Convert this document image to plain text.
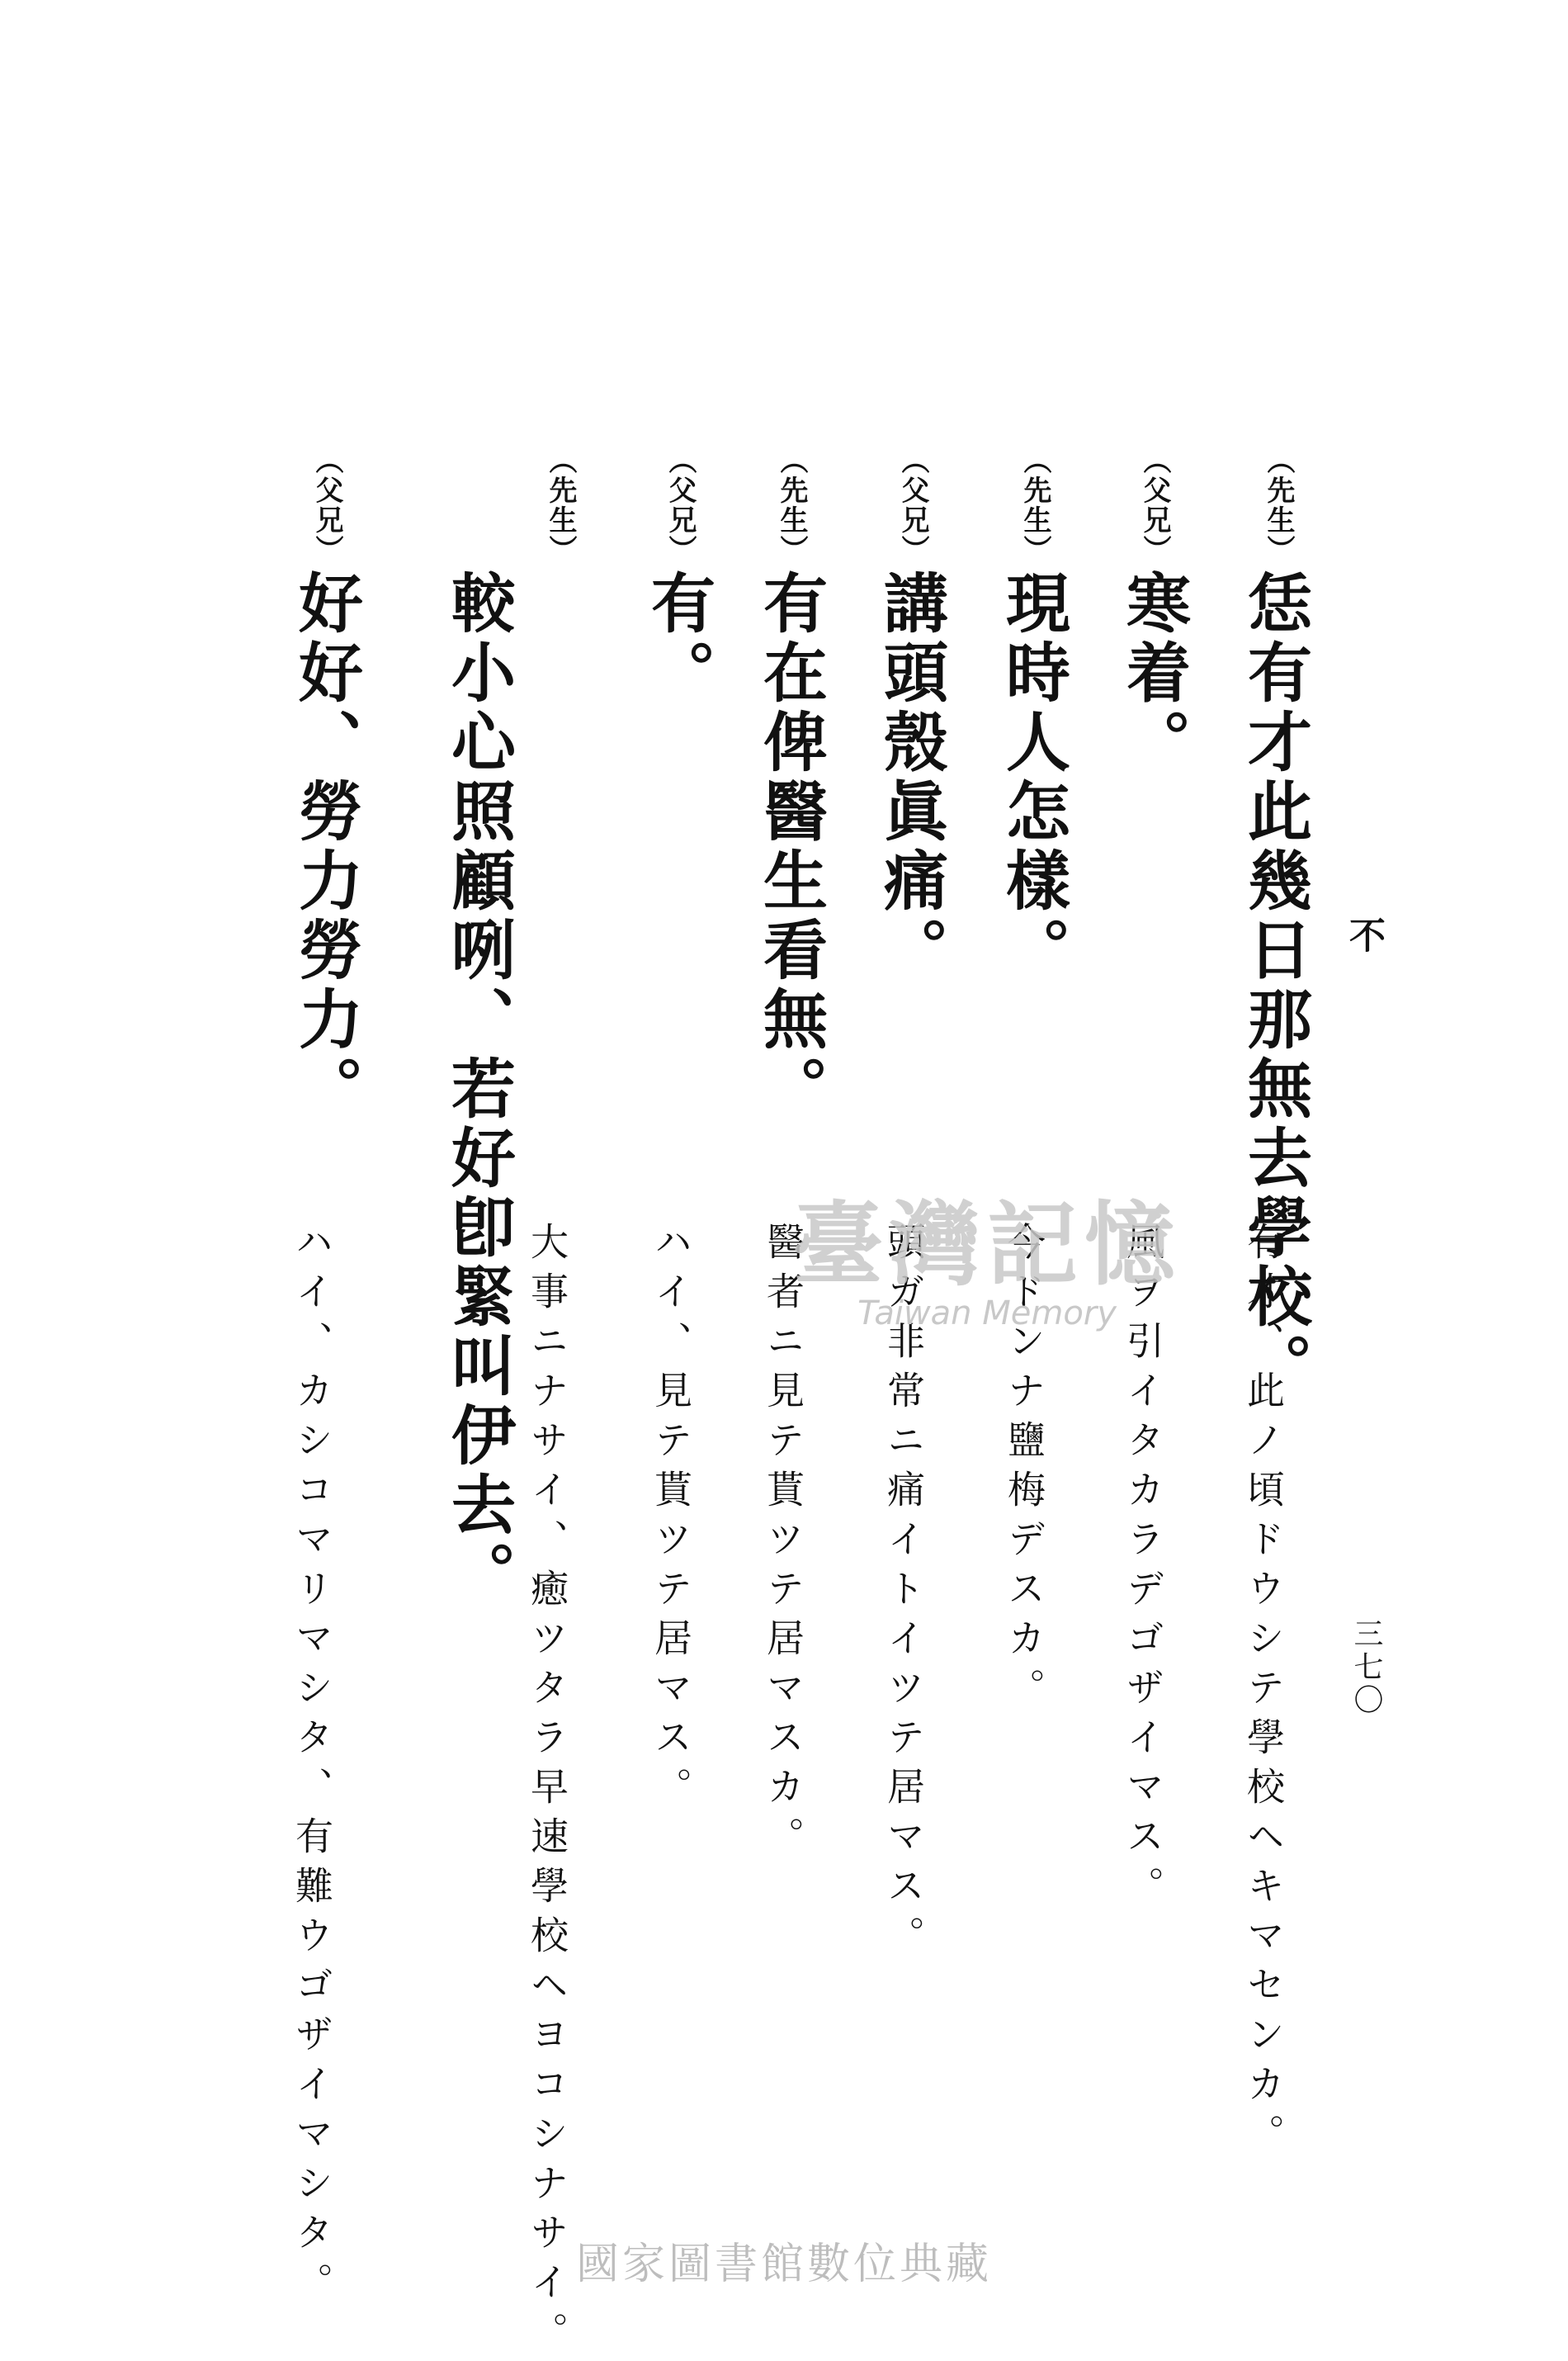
三七〇
（先生）
（父兄）
（先生）
（父兄）
（先生）
（父兄）
（先生）
（父兄）
恁有才此幾日那無去學校。
寒着。
現時人怎樣。
講頭殼眞痛。
有在俾醫生看無。
有。
較小心照顧咧、若好卽緊叫伊去。
好好、勞力勞力。	不
有才、此ノ頃ドウシテ學校ヘキマセンカ。
風ヲ引イタカラデゴザイマス。
今ドンナ鹽梅デスカ。
頭ガ非常ニ痛イトイツテ居マス。
醫者ニ見テ貰ツテ居マスカ。
ハイ、見テ貰ツテ居マス。
大事ニナサイ、癒ツタラ早速學校ヘヨコシナサイ。
ハイ、カシコマリマシタ、有難ウゴザイマシタ。	臺灣記憶
Taiwan Memory
國家圖書館數位典藏
